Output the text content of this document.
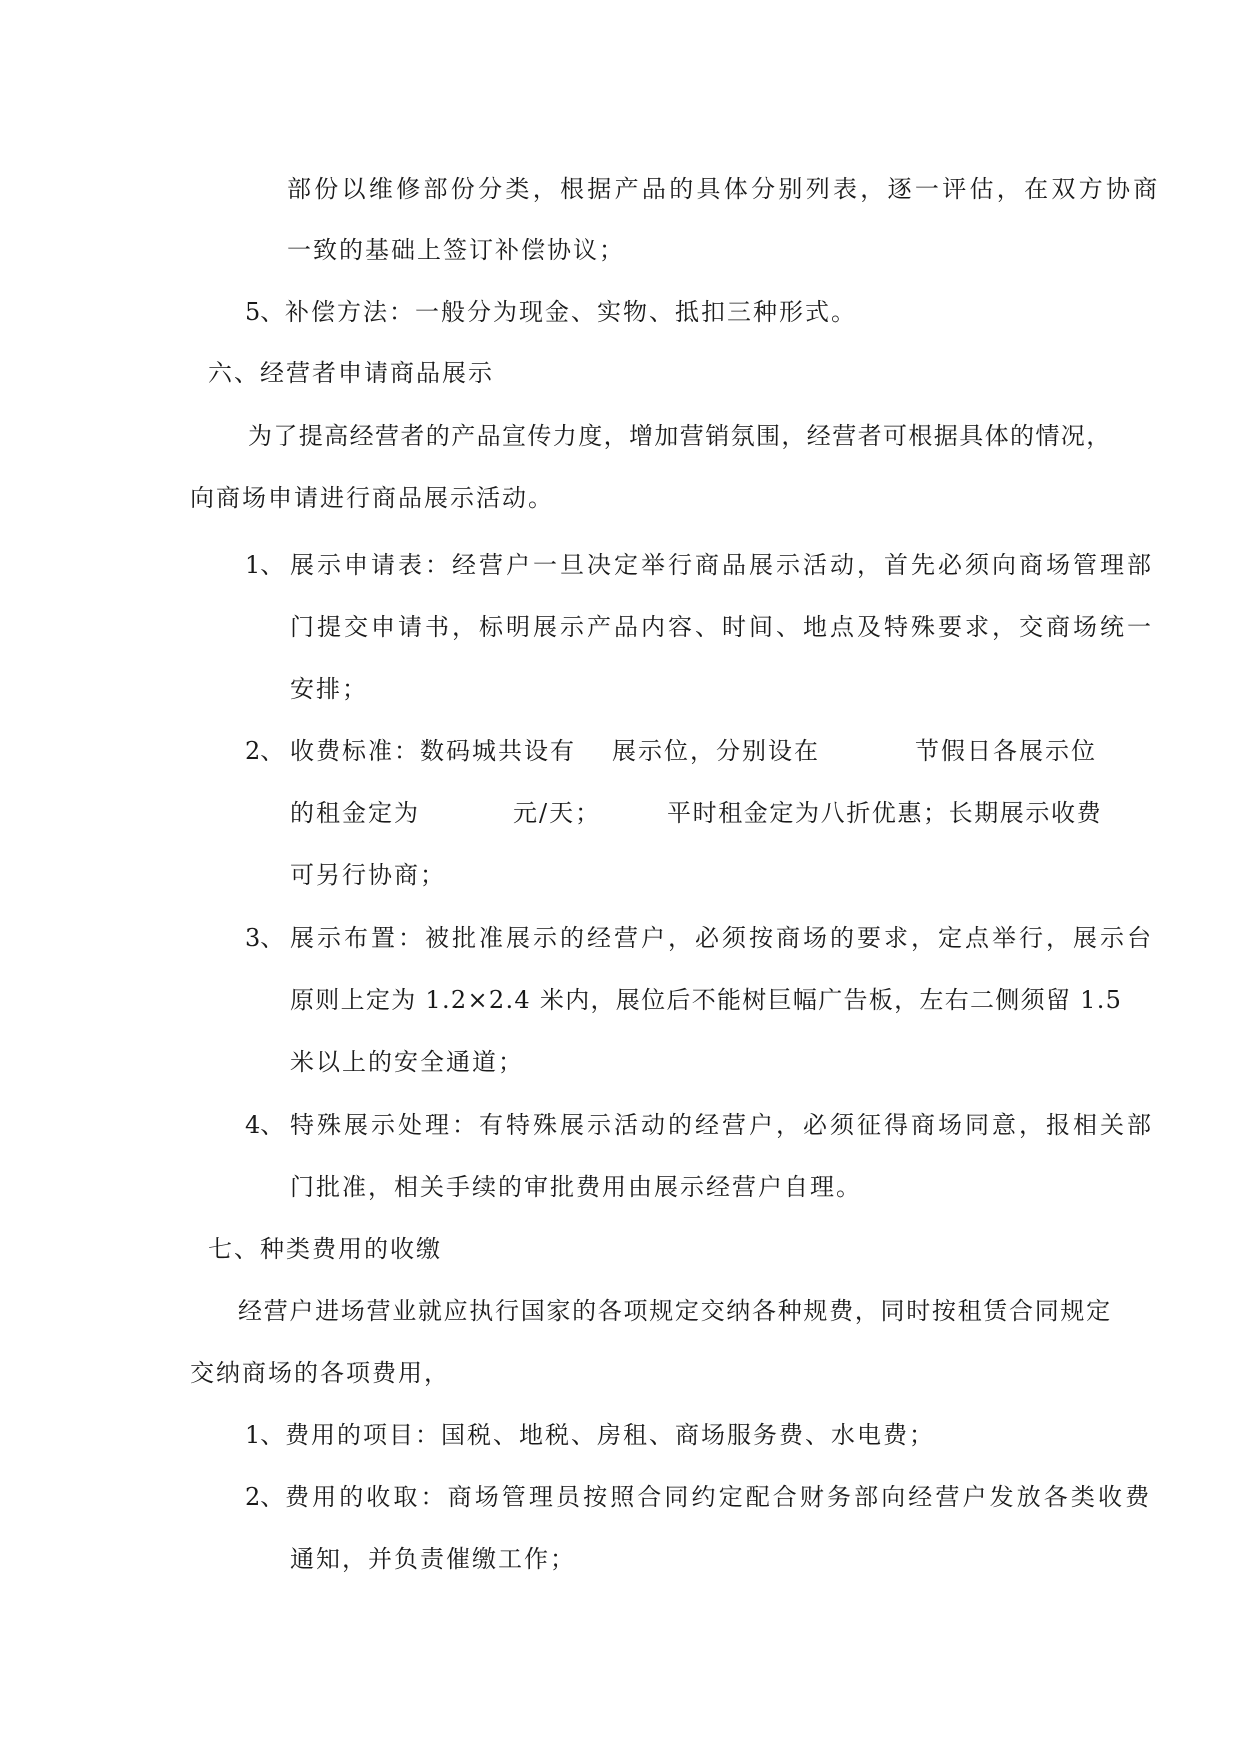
部份以维修部份分类，根据产品的具体分别列表，逐一评估，在双方协商
一致的基础上签订补偿协议；
5、 补偿方法：一般分为现金、实物、抵扣三种形式。
六、经营者申请商品展示
为了提高经营者的产品宣传力度，增加营销氛围，经营者可根据具体的情况，
向商场申请进行商品展示活动。
1、 展示申请表：经营户一旦决定举行商品展示活动，首先必须向商场管理部
门提交申请书，标明展示产品内容、时间、地点及特殊要求，交商场统一
安排；
2、 收费标准：数码城共设有 展示位，分别设在	节假日各展示位
的租金定为	元/天；	平时租金定为八折优惠；长期展示收费
可另行协商；
3、 展示布置：被批准展示的经营户，必须按商场的要求，定点举行，展示台
原则上定为 1.2×2.4 米内，展位后不能树巨幅广告板，左右二侧须留 1.5
米以上的安全通道；
4、 特殊展示处理：有特殊展示活动的经营户，必须征得商场同意，报相关部
门批准，相关手续的审批费用由展示经营户自理。
七、种类费用的收缴
经营户进场营业就应执行国家的各项规定交纳各种规费，同时按租赁合同规定
交纳商场的各项费用，
1、 费用的项目：国税、地税、房租、商场服务费、水电费；
2、 费用的收取：商场管理员按照合同约定配合财务部向经营户发放各类收费
通知，并负责催缴工作；
